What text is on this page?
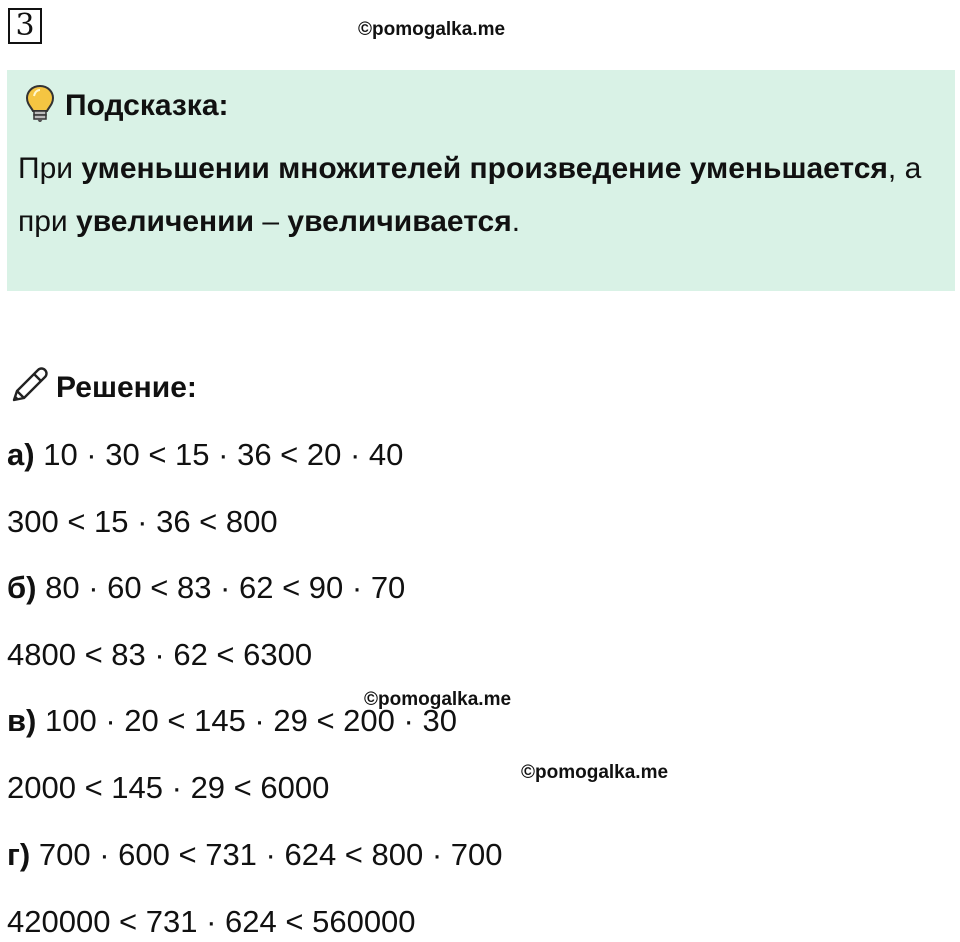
3	©pomogalka.me
Подсказка:
При уменьшении множителей произведение уменьшается, а при увеличении – увеличивается.
Решение:
а) 10 · 30 < 15 · 36 < 20 · 40
300 < 15 · 36 < 800
б) 80 · 60 < 83 · 62 < 90 · 70
4800 < 83 · 62 < 6300
в) 100 · 20 < 145 · 29 < 200 · 30
2000 < 145 · 29 < 6000
г) 700 · 600 < 731 · 624 < 800 · 700
420000 < 731 · 624 < 560000
©pomogalka.me
©pomogalka.me
